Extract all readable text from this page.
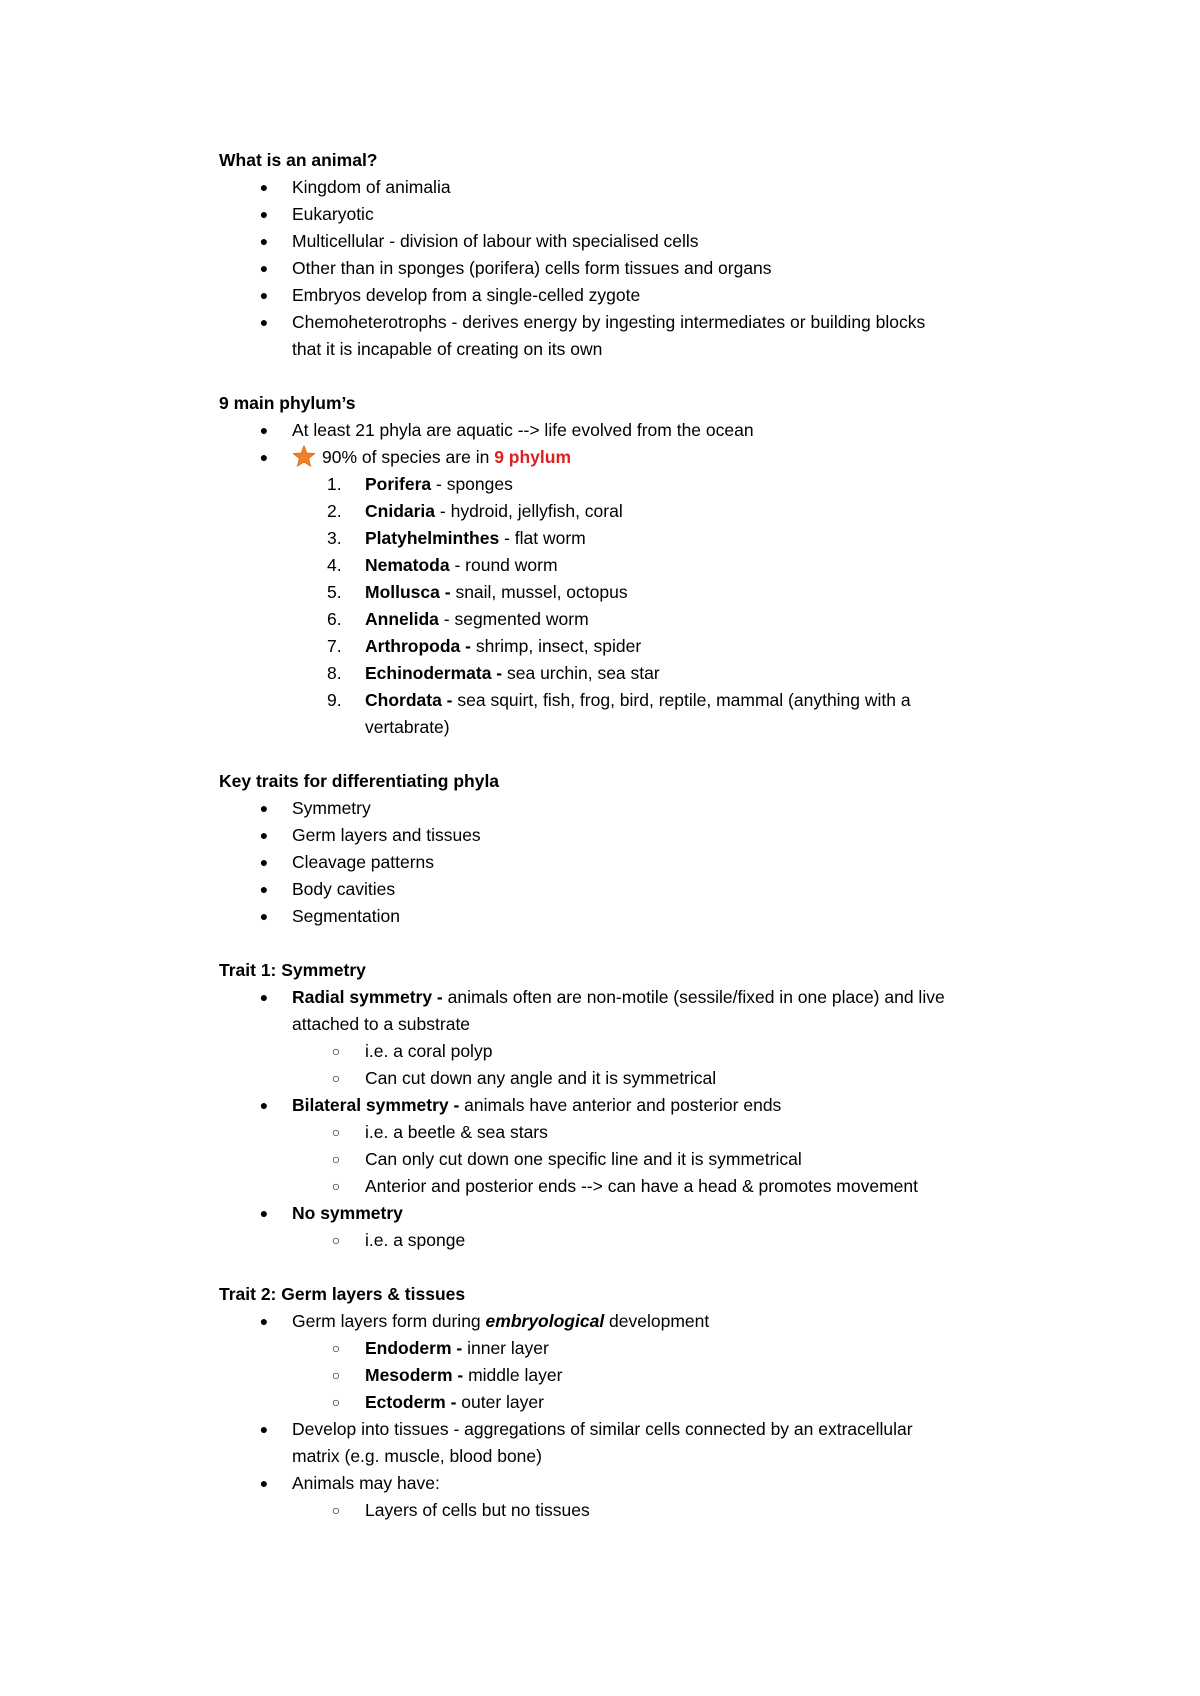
What is an animal?
● Kingdom of animalia
● Eukaryotic
● Multicellular - division of labour with specialised cells
● Other than in sponges (porifera) cells form tissues and organs
● Embryos develop from a single-celled zygote
● Chemoheterotrophs - derives energy by ingesting intermediates or building blocks
that it is incapable of creating on its own
9 main phylum’s
● At least 21 phyla are aquatic --> life evolved from the ocean
●	90% of species are in 9 phylum
1.	Porifera - sponges
2.	Cnidaria - hydroid, jellyfish, coral
3.	Platyhelminthes - flat worm
4.	Nematoda - round worm
5.	Mollusca - snail, mussel, octopus
6.	Annelida - segmented worm
7.	Arthropoda - shrimp, insect, spider
8.	Echinodermata - sea urchin, sea star
9.	Chordata - sea squirt, fish, frog, bird, reptile, mammal (anything with a
vertabrate)
Key traits for differentiating phyla
● Symmetry
● Germ layers and tissues
● Cleavage patterns
● Body cavities
● Segmentation
Trait 1: Symmetry
● Radial symmetry - animals often are non-motile (sessile/fixed in one place) and live
attached to a substrate
○ i.e. a coral polyp
○ Can cut down any angle and it is symmetrical
● Bilateral symmetry - animals have anterior and posterior ends
○ i.e. a beetle & sea stars
○ Can only cut down one specific line and it is symmetrical
○ Anterior and posterior ends --> can have a head & promotes movement
● No symmetry
○ i.e. a sponge
Trait 2: Germ layers & tissues
● Germ layers form during embryological development
○ Endoderm - inner layer
○ Mesoderm - middle layer
○ Ectoderm - outer layer
● Develop into tissues - aggregations of similar cells connected by an extracellular
matrix (e.g. muscle, blood bone)
● Animals may have:
○ Layers of cells but no tissues
